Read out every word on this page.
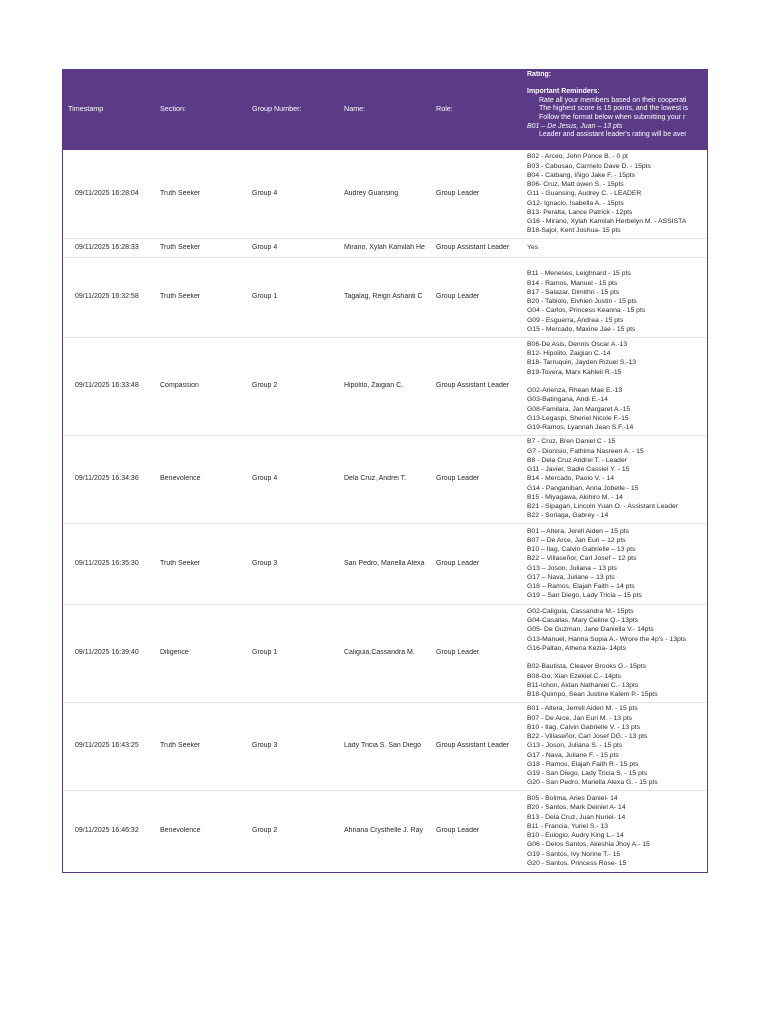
Timestamp	Section:	Group Number:	Name:	Role:
Rating:

Important Reminders:
Rate all your members based on their cooperati
The highest score is 15 points, and the lowest is
Follow the format below when submitting your r
B01 – De Jesus, Juan – 13 pts
Leader and assistant leader's rating will be aver
09/11/2025 16:28:04	Truth Seeker	Group 4	Audrey Guansing	Group Leader
B02 - Arceo, John Ponce B. - 0 pt
B03 - Cabusao, Carmelo Dave D. - 15pts
B04 - Calbang, Iñigo Jake F. - 15pts
B06- Cruz, Matt owen S. - 15pts
G11 - Guansing, Audrey C. - LEADER
G12- Ignacio, Isabella A. - 15pts
B13- Peralta, Lance Patrick - 12pts
G16 - Mirano, Xylah Kamilah Herbelyn M. - ASSISTA
B18-Sajol, Kent Joshua- 15 pts
09/11/2025 16:28:33	Truth Seeker	Group 4	Mirano, Xylah Kamilah He	Group Assistant Leader	Yes
09/11/2025 16:32:58	Truth Seeker	Group 1	Tagalag, Reign Ashanti C	Group Leader

B11 - Meneses, Leighnard - 15 pts
B14 - Ramos, Manuel - 15 pts
B17 - Salazar, Dimithri - 15 pts
B20 - Tabiolo, Eivhien Justin - 15 pts
G04 - Carlos, Princess Keanna - 15 pts
G09 - Esguerra, Andrea - 15 pts
G15 - Mercado, Maxine Jae - 15 pts
09/11/2025 16:33:48	Compassion	Group 2	Hipolito, Zaigian C.	Group Assistant Leader
B06-De Asis, Dennis Oscar A.-13
B12- Hipolito, Zaigian C.-14
B18- Tarruquin, Jayden Rizuel S.-13
B19-Tovera, Marx Kahleil R.-15

G02-Arienza, Rhean Mae E.-13
G03-Batingana, Andi E.-14
G08-Familara, Jan Margaret A.-15
G13-Legaspi, Sheriel Nicole F.-15
G19-Ramos, Lyannah Jean S.F.-14
09/11/2025 16:34:36	Benevolence	Group 4	Dela Cruz, Andrei T.	Group Leader
B7 - Cruz, Bren Daniel C - 15
G7 - Dionisio, Fathima Nasreen A. - 15
B8 - Dela Cruz Andrei T. - Leader
G11 - Javier, Sadie Cassiel Y. - 15
B14 - Mercado, Paolo V. - 14
G14 - Panganiban, Anna Jobelle - 15
B15 - Miyagawa, Akihiro M. - 14
B21 - Sipagan, Lincoln Yuan O. - Assistant Leader
B22 - Soriaga, Gabrey - 14
09/11/2025 16:35:30	Truth Seeker	Group 3	San Pedro, Mariella Alexa	Group Leader
B01 – Altera, Jerell Aiden – 15 pts
B07 – De Arce, Jan Euri – 12 pts
B10 – Ilag, Calvin Gabrielle – 13 pts
B22 – Villaseñor, Carl Josef – 12 pts
G13 – Joson, Juliana – 13 pts
G17 – Nava, Juliane – 13 pts
G18 – Ramos, Elajah Faith – 14 pts
G19 – San Diego, Lady Tricia – 15 pts
09/11/2025 16:39:40	Diligence	Group 1	Caliguia,Cassandra M.	Group Leader
G02-Caliguia, Cassandra M.- 15pts
G04-Casallas, Mary Celine Q.- 13pts
G05- De Guzman, Jane Daniella V.- 14pts
G13-Manuel, Hanna Sopia A.- Wrore the 4p's - 13pts
G16-Paltao, Athena Kezia- 14pts

B02-Bautista, Cleaver Brooks G.- 15pts
B08-Go, Xian Ezekiel C.- 14pts
B11-Ichon, Aidan Nathaniel C.- 13pts
B18-Quimpo, Sean Justine Kalem P.- 15pts
09/11/2025 16:43:25	Truth Seeker	Group 3	Lady Tricia S. San Diego	Group Assistant Leader
B01 - Altera, Jerrell Aiden M. - 15 pts
B07 - De Arce, Jan Euri M. - 13 pts
B10 - Ilag, Calvin Gabrielle V. - 13 pts
B22 - Villaseñor, Carl Josef DG. - 13 pts
G13 - Joson, Juliana S. - 15 pts
G17 - Nava, Juliane F. - 15 pts
G18 - Ramos, Elajah Faith R - 15 pts
G19 - San Diego, Lady Tricia S. - 15 pts
G20 - San Pedro, Mariella Alexa G. - 15 pts
09/11/2025 16:46:32	Benevolence	Group 2	Ahriana Crysthelle J. Ray	Group Leader
B05 - Bolima, Aries Daniel- 14
B20 - Santos, Mark Deiniel A- 14
B13 - Dela Cruz, Juan Nuriel- 14
B11 - Francia, Yuriel S.- 13
B10 - Eulogio, Audry King L.- 14
G06 - Delos Santos, Akeshia Jhoy A.- 15
G19 - Santos, Ivy Norine T.- 15
G20 - Santos, Princess Rose- 15
